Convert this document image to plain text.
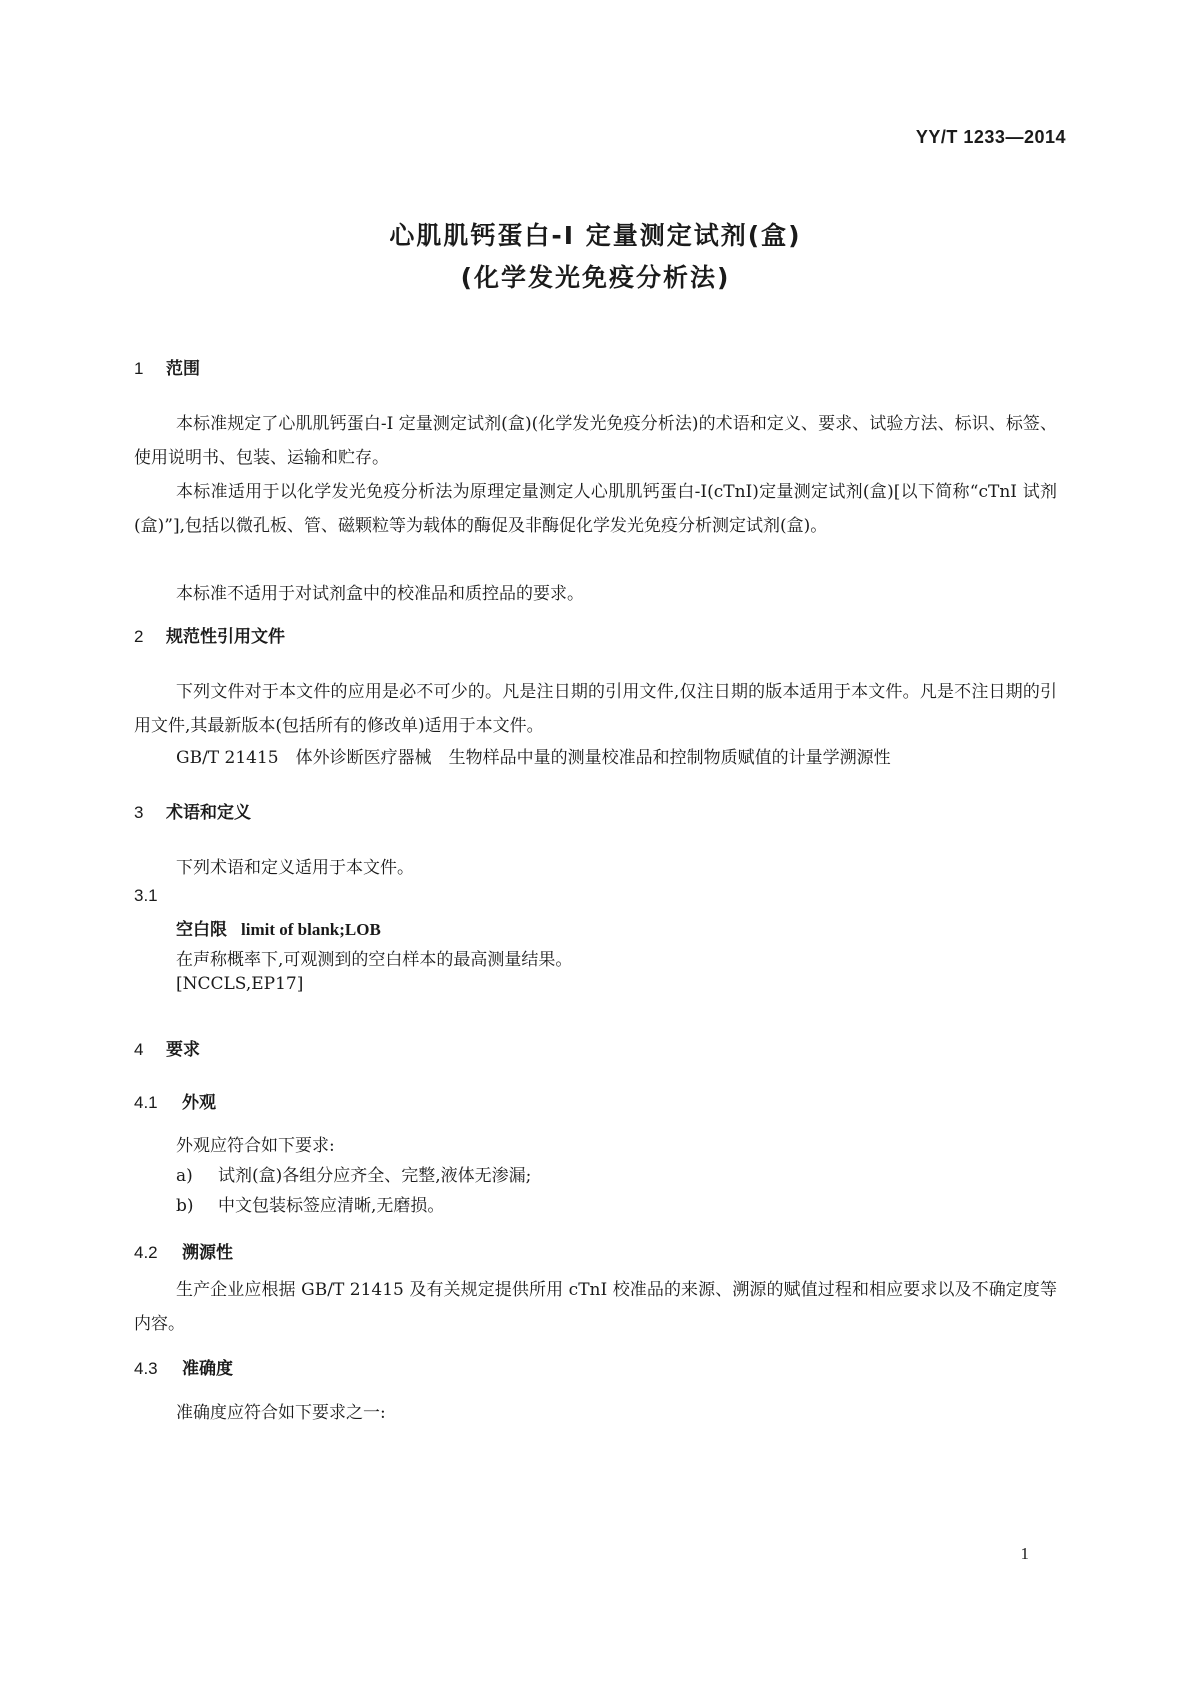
YY/T 1233—2014
心肌肌钙蛋白-I 定量测定试剂(盒)
(化学发光免疫分析法)
1 范围
本标准规定了心肌肌钙蛋白-I 定量测定试剂(盒)(化学发光免疫分析法)的术语和定义、要求、试验方法、标识、标签、使用说明书、包装、运输和贮存。
本标准适用于以化学发光免疫分析法为原理定量测定人心肌肌钙蛋白-I(cTnI)定量测定试剂(盒)[以下简称“cTnI 试剂(盒)”],包括以微孔板、管、磁颗粒等为载体的酶促及非酶促化学发光免疫分析测定试剂(盒)。
本标准不适用于对试剂盒中的校准品和质控品的要求。
2 规范性引用文件
下列文件对于本文件的应用是必不可少的。凡是注日期的引用文件,仅注日期的版本适用于本文件。凡是不注日期的引用文件,其最新版本(包括所有的修改单)适用于本文件。
GB/T 21415　体外诊断医疗器械　生物样品中量的测量校准品和控制物质赋值的计量学溯源性
3 术语和定义
下列术语和定义适用于本文件。
3.1
空白限 limit of blank;LOB
在声称概率下,可观测到的空白样本的最高测量结果。
[NCCLS,EP17]
4 要求
4.1 外观
外观应符合如下要求:
a) 试剂(盒)各组分应齐全、完整,液体无渗漏;
b) 中文包装标签应清晰,无磨损。
4.2 溯源性
生产企业应根据 GB/T 21415 及有关规定提供所用 cTnI 校准品的来源、溯源的赋值过程和相应要求以及不确定度等内容。
4.3 准确度
准确度应符合如下要求之一:
1
